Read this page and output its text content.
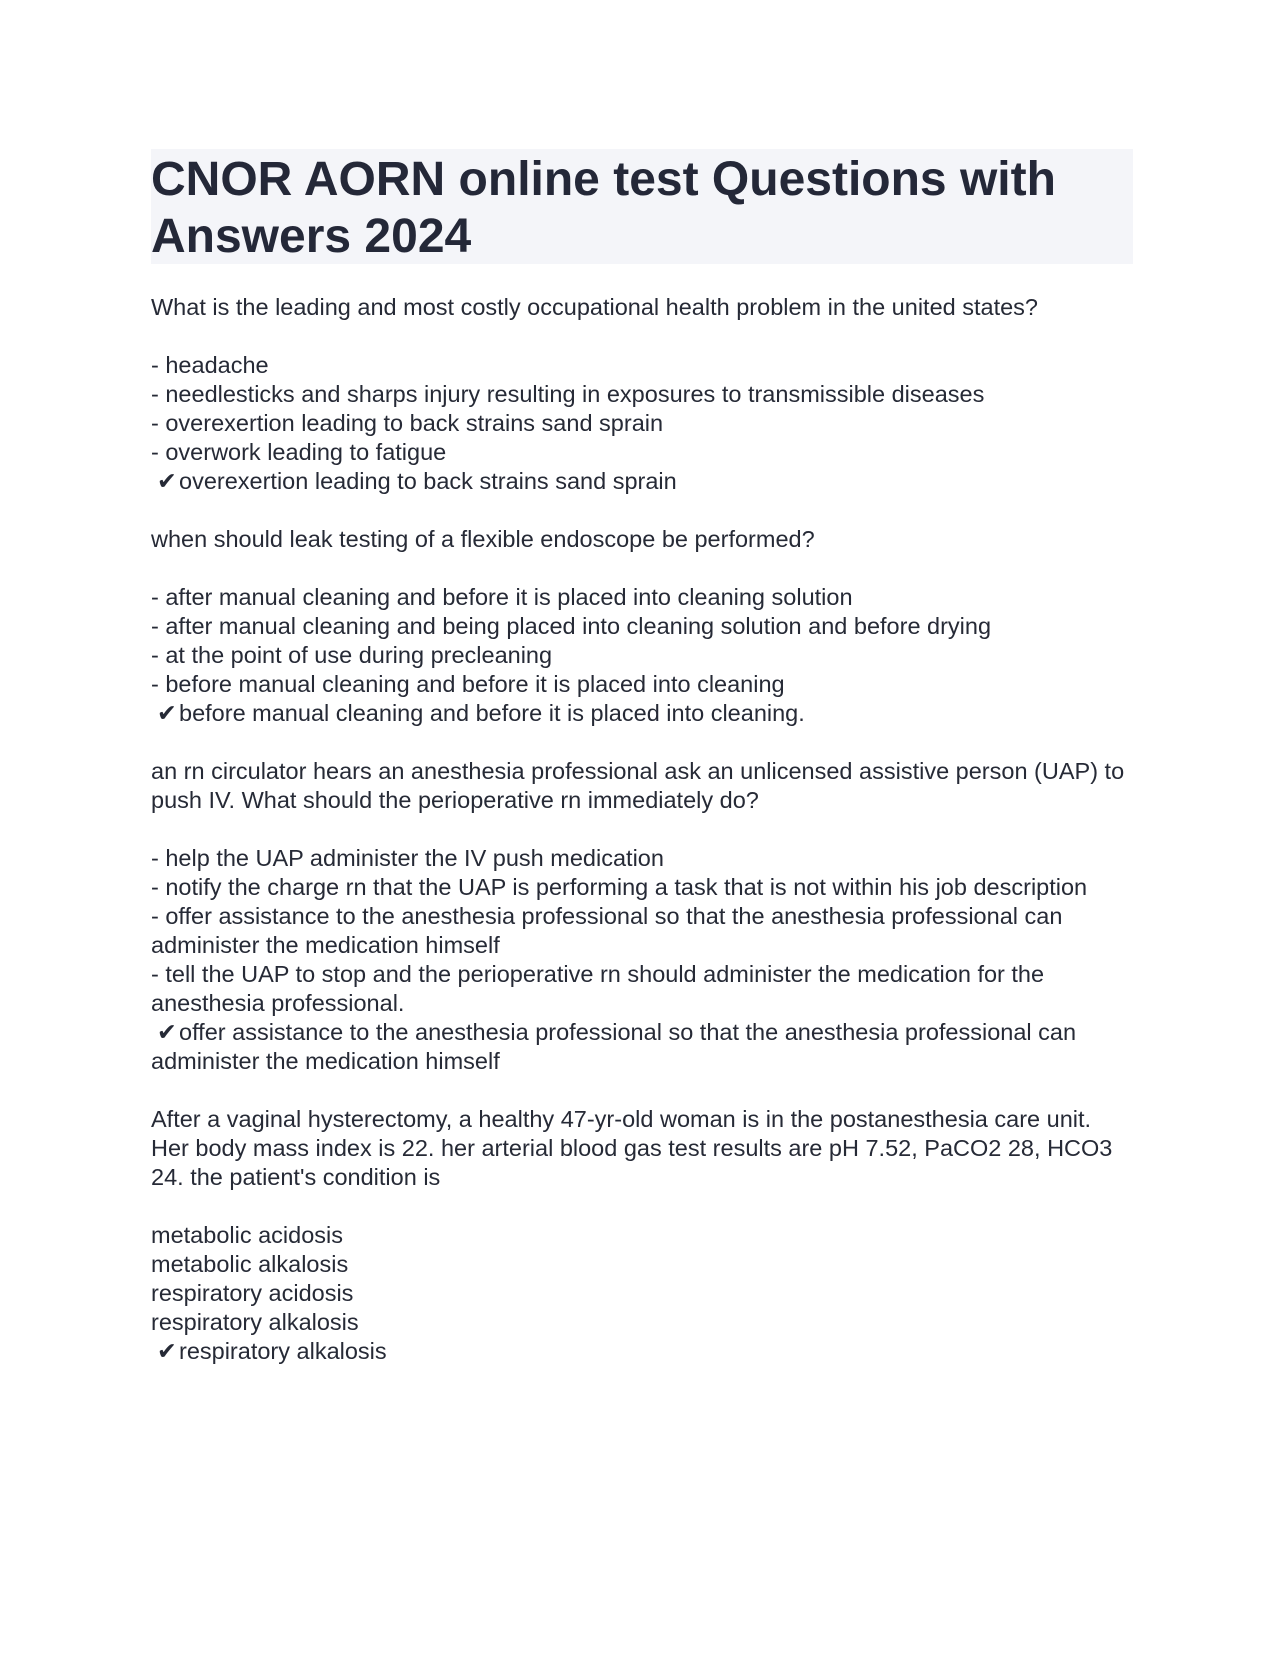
CNOR AORN online test Questions with Answers 2024

What is the leading and most costly occupational health problem in the united states?

- headache

- needlesticks and sharps injury resulting in exposures to transmissible diseases

- overexertion leading to back strains sand sprain

- overwork leading to fatigue

✔overexertion leading to back strains sand sprain

when should leak testing of a flexible endoscope be performed?

- after manual cleaning and before it is placed into cleaning solution

- after manual cleaning and being placed into cleaning solution and before drying

- at the point of use during precleaning

- before manual cleaning and before it is placed into cleaning

✔before manual cleaning and before it is placed into cleaning.

an rn circulator hears an anesthesia professional ask an unlicensed assistive person (UAP) to push IV. What should the perioperative rn immediately do?

- help the UAP administer the IV push medication

- notify the charge rn that the UAP is performing a task that is not within his job description

- offer assistance to the anesthesia professional so that the anesthesia professional can administer the medication himself

- tell the UAP to stop and the perioperative rn should administer the medication for the anesthesia professional.

✔offer assistance to the anesthesia professional so that the anesthesia professional can administer the medication himself

After a vaginal hysterectomy, a healthy 47-yr-old woman is in the postanesthesia care unit. Her body mass index is 22. her arterial blood gas test results are pH 7.52, PaCO2 28, HCO3 24. the patient's condition is

metabolic acidosis

metabolic alkalosis

respiratory acidosis

respiratory alkalosis

✔respiratory alkalosis
